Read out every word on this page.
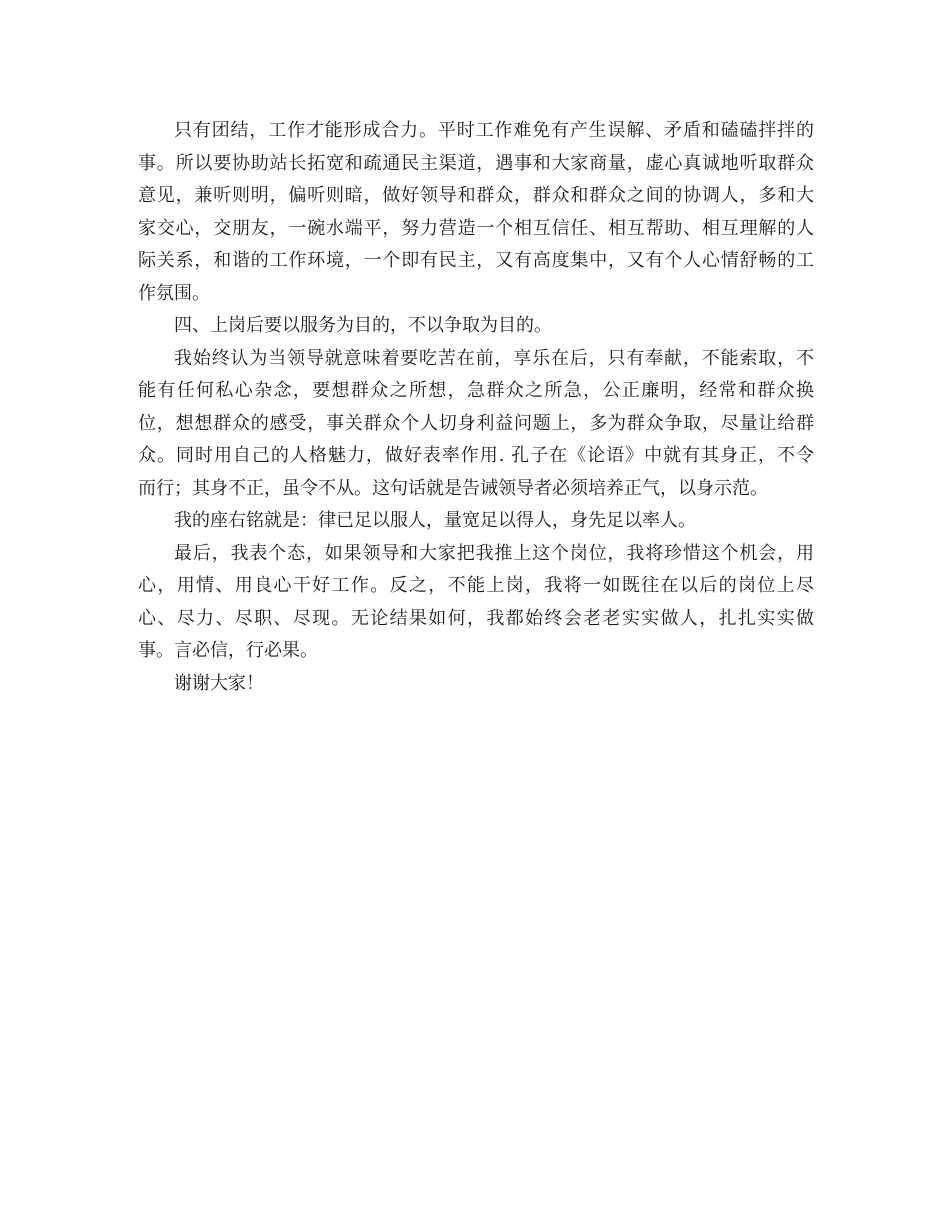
只有团结，工作才能形成合力。平时工作难免有产生误解、矛盾和磕磕拌拌的
事。所以要协助站长拓宽和疏通民主渠道，遇事和大家商量，虚心真诚地听取群众
意见，兼听则明，偏听则暗，做好领导和群众，群众和群众之间的协调人，多和大
家交心，交朋友，一碗水端平，努力营造一个相互信任、相互帮助、相互理解的人
际关系，和谐的工作环境，一个即有民主，又有高度集中，又有个人心情舒畅的工
作氛围。
四、上岗后要以服务为目的，不以争取为目的。
我始终认为当领导就意味着要吃苦在前，享乐在后，只有奉献，不能索取，不
能有任何私心杂念，要想群众之所想，急群众之所急，公正廉明，经常和群众换
位，想想群众的感受，事关群众个人切身利益问题上，多为群众争取，尽量让给群
众。同时用自己的人格魅力，做好表率作用. 孔子在《论语》中就有其身正，不令
而行；其身不正，虽令不从。这句话就是告诫领导者必须培养正气，以身示范。
我的座右铭就是：律已足以服人，量宽足以得人，身先足以率人。
最后，我表个态，如果领导和大家把我推上这个岗位，我将珍惜这个机会，用
心，用情、用良心干好工作。反之，不能上岗，我将一如既往在以后的岗位上尽
心、尽力、尽职、尽现。无论结果如何，我都始终会老老实实做人，扎扎实实做
事。言必信，行必果。
谢谢大家！
